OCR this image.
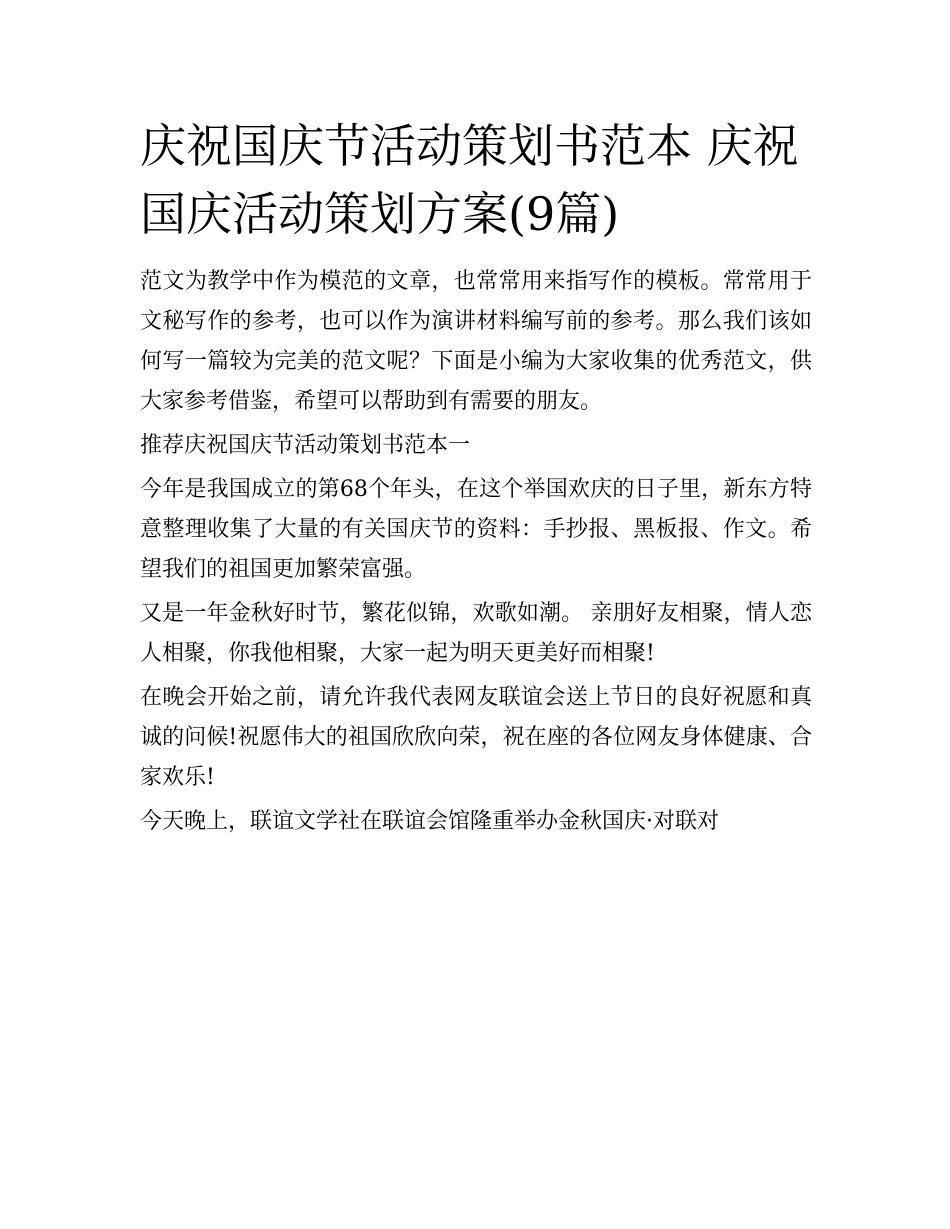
庆祝国庆节活动策划书范本 庆祝国庆活动策划方案(9篇)

范文为教学中作为模范的文章，也常常用来指写作的模板。常常用于文秘写作的参考，也可以作为演讲材料编写前的参考。那么我们该如何写一篇较为完美的范文呢？下面是小编为大家收集的优秀范文，供大家参考借鉴，希望可以帮助到有需要的朋友。

推荐庆祝国庆节活动策划书范本一

今年是我国成立的第68个年头，在这个举国欢庆的日子里，新东方特意整理收集了大量的有关国庆节的资料：手抄报、黑板报、作文。希望我们的祖国更加繁荣富强。

又是一年金秋好时节，繁花似锦，欢歌如潮。 亲朋好友相聚，情人恋人相聚，你我他相聚，大家一起为明天更美好而相聚!

在晚会开始之前，请允许我代表网友联谊会送上节日的良好祝愿和真诚的问候!祝愿伟大的祖国欣欣向荣，祝在座的各位网友身体健康、合家欢乐!

今天晚上，联谊文学社在联谊会馆隆重举办金秋国庆·对联对
